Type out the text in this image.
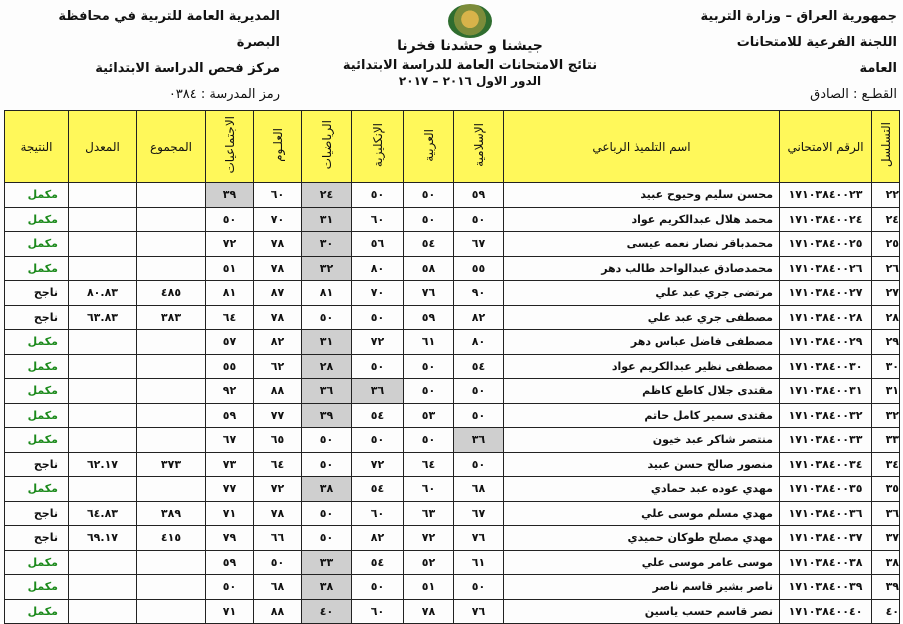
جمهورية العراق – وزارة التربية
اللجنة الفرعية للامتحانات العامة
القطـع : الصادق
جيشنا و حشدنا فخرنا
نتائج الامتحانات العامة للدراسة الابتدائية
الدور الاول ٢٠١٦ – ٢٠١٧
المديرية العامة للتربية في محافظة البصرة
مركز فحص الدراسة الابتدائية
رمز المدرسة : ٠٣٨٤
التسلسل	الرقم الامتحاني	اسم التلميذ الرباعي	الإسلامية	العربية	الإنكليزية	الرياضيات	العلـوم	الاجتماعيات	المجموع	المعدل	النتيجة
٢٢	١٧١٠٣٨٤٠٠٢٣	محسن سليم وحيوح عبيد	٥٩	٥٠	٥٠	٢٤	٦٠	٣٩			مكمل
٢٤	١٧١٠٣٨٤٠٠٢٤	محمد هلال عبدالكريم عواد	٥٠	٥٠	٦٠	٣١	٧٠	٥٠			مكمل
٢٥	١٧١٠٣٨٤٠٠٢٥	محمدباقر نصار نعمه عيسى	٦٧	٥٤	٥٦	٣٠	٧٨	٧٢			مكمل
٢٦	١٧١٠٣٨٤٠٠٢٦	محمدصادق عبدالواحد طالب دهر	٥٥	٥٨	٨٠	٣٢	٧٨	٥١			مكمل
٢٧	١٧١٠٣٨٤٠٠٢٧	مرتضى جري عبد علي	٩٠	٧٦	٧٠	٨١	٨٧	٨١	٤٨٥	٨٠.٨٣	ناجح
٢٨	١٧١٠٣٨٤٠٠٢٨	مصطفى جري عبد علي	٨٢	٥٩	٥٠	٥٠	٧٨	٦٤	٣٨٣	٦٣.٨٣	ناجح
٢٩	١٧١٠٣٨٤٠٠٢٩	مصطفى فاضل عباس دهر	٨٠	٦١	٧٢	٣١	٨٢	٥٧			مكمل
٣٠	١٧١٠٣٨٤٠٠٣٠	مصطفى نظير عبدالكريم عواد	٥٤	٥٠	٥٠	٢٨	٦٢	٥٥			مكمل
٣١	١٧١٠٣٨٤٠٠٣١	مقتدى جلال كاطع كاظم	٥٠	٥٠	٣٦	٣٦	٨٨	٩٢			مكمل
٣٢	١٧١٠٣٨٤٠٠٣٢	مقتدى سمير كامل حاتم	٥٠	٥٣	٥٤	٣٩	٧٧	٥٩			مكمل
٣٣	١٧١٠٣٨٤٠٠٣٣	منتصر شاكر عبد خيون	٣٦	٥٠	٥٠	٥٠	٦٥	٦٧			مكمل
٣٤	١٧١٠٣٨٤٠٠٣٤	منصور صالح حسن عبيد	٥٠	٦٤	٧٢	٥٠	٦٤	٧٣	٣٧٣	٦٢.١٧	ناجح
٣٥	١٧١٠٣٨٤٠٠٣٥	مهدي عوده عبد حمادي	٦٨	٦٠	٥٤	٣٨	٧٢	٧٧			مكمل
٣٦	١٧١٠٣٨٤٠٠٣٦	مهدي مسلم موسى علي	٦٧	٦٣	٦٠	٥٠	٧٨	٧١	٣٨٩	٦٤.٨٣	ناجح
٣٧	١٧١٠٣٨٤٠٠٣٧	مهدي مصلح طوكان حميدي	٧٦	٧٢	٨٢	٥٠	٦٦	٧٩	٤١٥	٦٩.١٧	ناجح
٣٨	١٧١٠٣٨٤٠٠٣٨	موسى عامر موسى علي	٦١	٥٢	٥٤	٣٣	٥٠	٥٩			مكمل
٣٩	١٧١٠٣٨٤٠٠٣٩	ناصر بشير قاسم ناصر	٥٠	٥١	٥٠	٣٨	٦٨	٥٠			مكمل
٤٠	١٧١٠٣٨٤٠٠٤٠	نصر قاسم حسب ياسين	٧٦	٧٨	٦٠	٤٠	٨٨	٧١			مكمل
